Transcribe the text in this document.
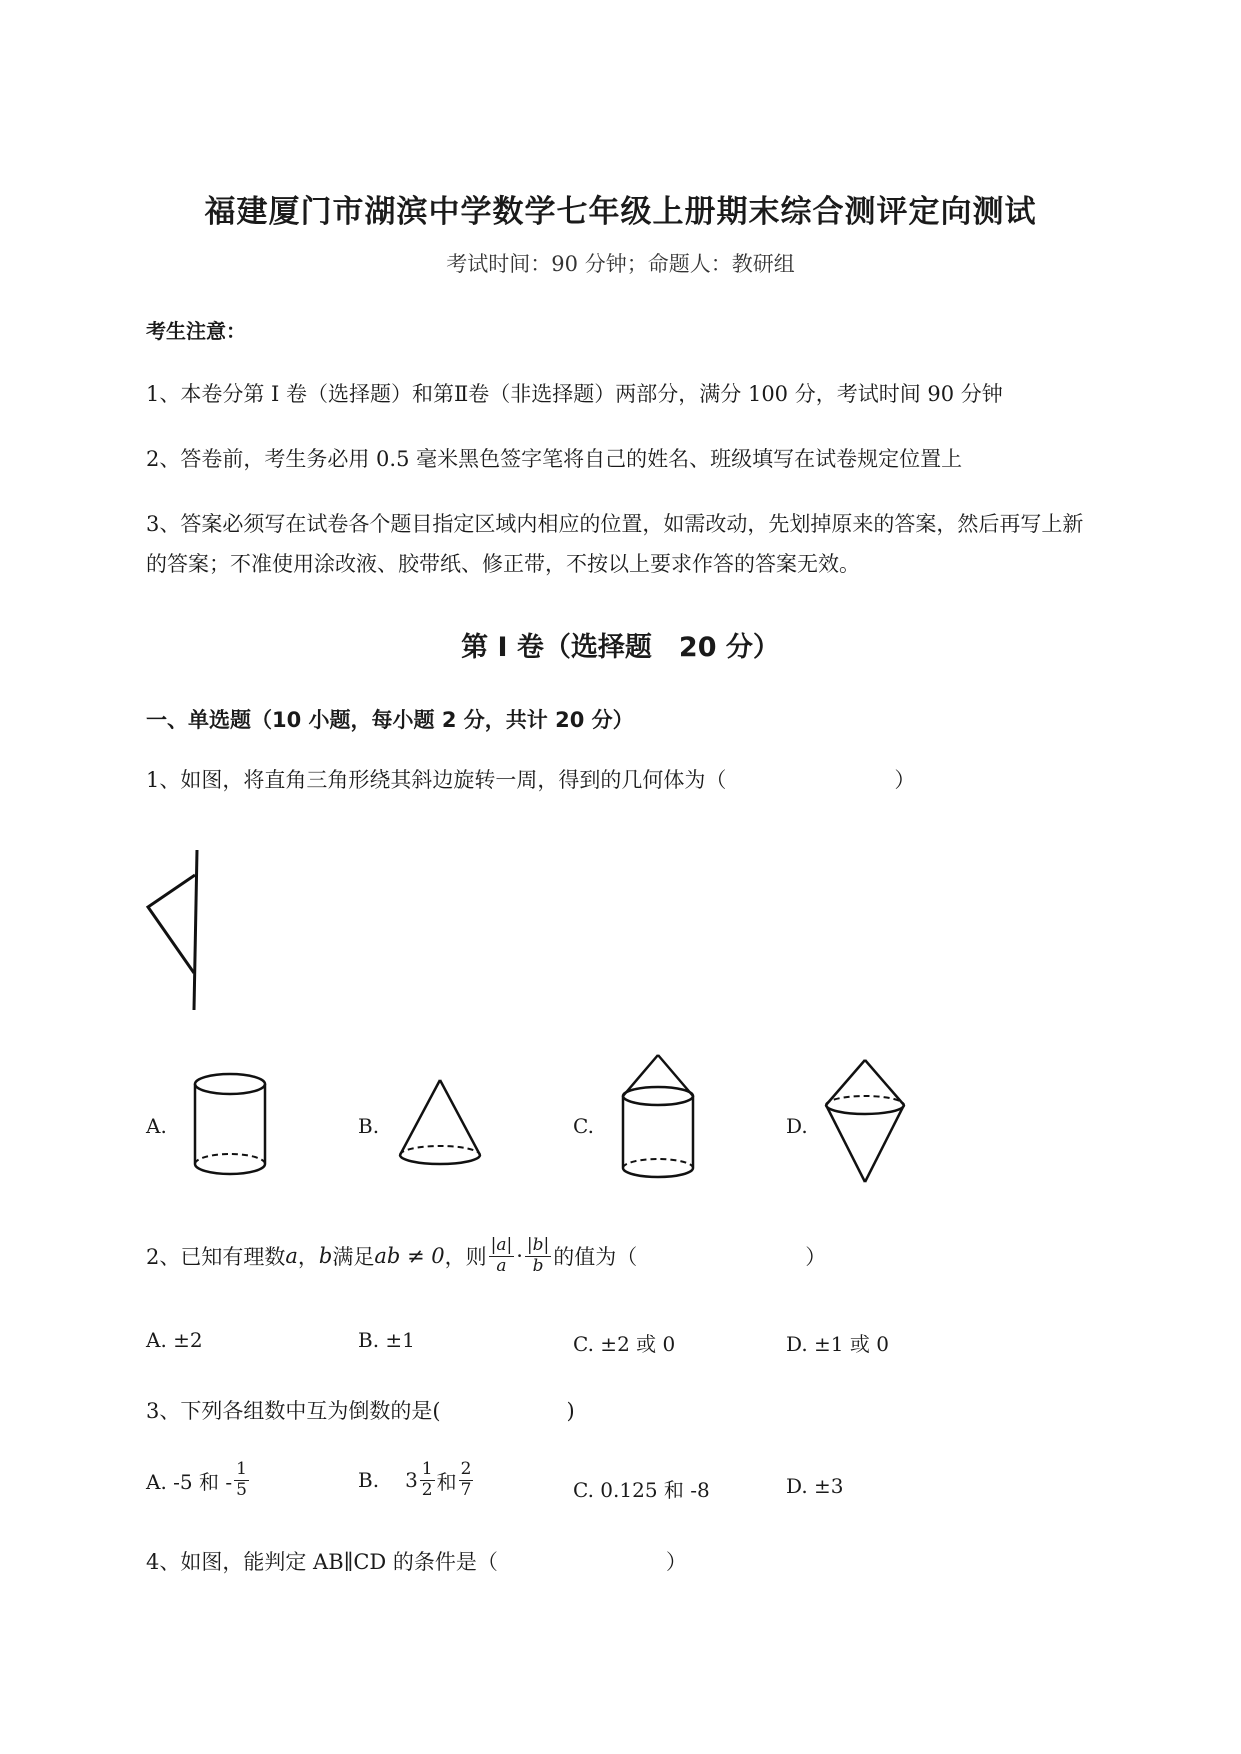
福建厦门市湖滨中学数学七年级上册期末综合测评定向测试
考试时间：90 分钟；命题人：教研组
考生注意：
1、本卷分第 I 卷（选择题）和第Ⅱ卷（非选择题）两部分，满分 100 分，考试时间 90 分钟
2、答卷前，考生务必用 0.5 毫米黑色签字笔将自己的姓名、班级填写在试卷规定位置上
3、答案必须写在试卷各个题目指定区域内相应的位置，如需改动，先划掉原来的答案，然后再写上新
的答案；不准使用涂改液、胶带纸、修正带，不按以上要求作答的答案无效。
第 I 卷（选择题　20 分）
一、单选题（10 小题，每小题 2 分，共计 20 分）
1、如图，将直角三角形绕其斜边旋转一周，得到的几何体为（　　　　　　　　）
A.	B.	C.	D.
2、已知有理数 a ， b 满足 ab ≠ 0 ，则 $\frac{|a|}{a} \cdot \frac{|b|}{b}$ 的值为（　　　　　　　　）
A. ±2	B. ±1	C. ±2 或 0	D. ±1 或 0
3、下列各组数中互为倒数的是(　　　　　　)
A. -5 和 - $\frac{1}{5}$	B. $3 \frac{1}{2}$ 和 $\frac{2}{7}$	C. 0.125 和 -8	D. ±3
4、如图，能判定 AB∥CD 的条件是（　　　　　　　　）
